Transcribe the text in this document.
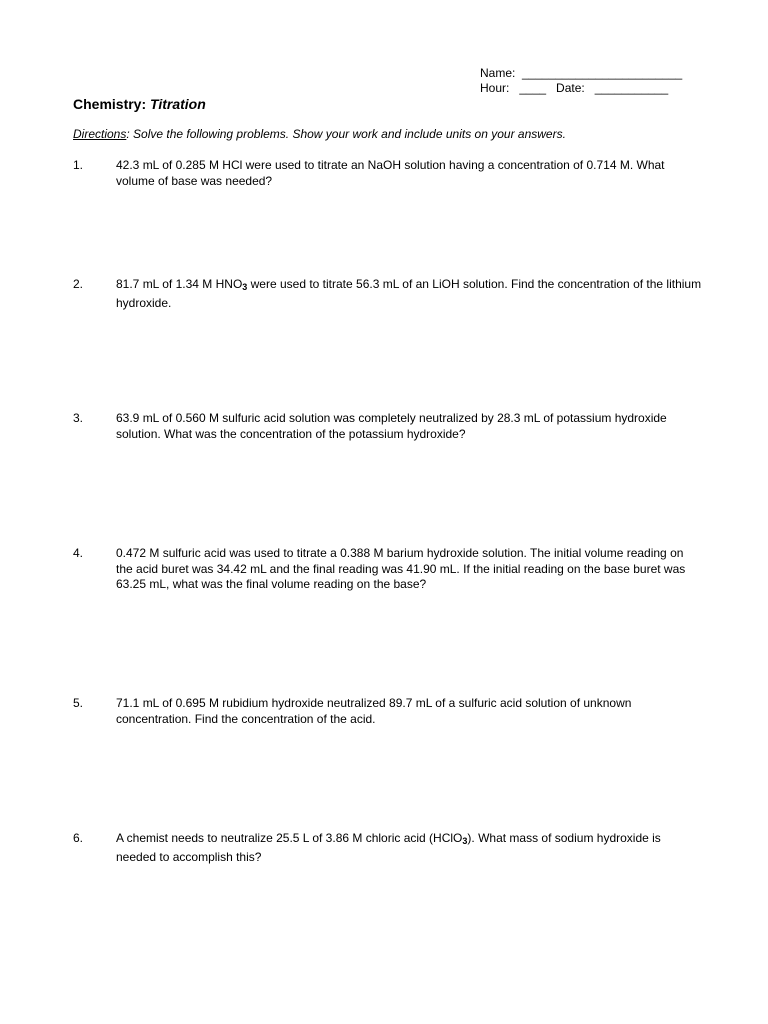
Name:  ________________________
Hour:   ____   Date:   ___________
Chemistry: Titration
Directions: Solve the following problems. Show your work and include units on your answers.
1.	42.3 mL of 0.285 M HCl were used to titrate an NaOH solution having a concentration of 0.714 M. What volume of base was needed?
2.	81.7 mL of 1.34 M HNO3 were used to titrate 56.3 mL of an LiOH solution. Find the concentration of the lithium hydroxide.
3.	63.9 mL of 0.560 M sulfuric acid solution was completely neutralized by 28.3 mL of potassium hydroxide solution. What was the concentration of the potassium hydroxide?
4.	0.472 M sulfuric acid was used to titrate a 0.388 M barium hydroxide solution. The initial volume reading on the acid buret was 34.42 mL and the final reading was 41.90 mL. If the initial reading on the base buret was 63.25 mL, what was the final volume reading on the base?
5.	71.1 mL of 0.695 M rubidium hydroxide neutralized 89.7 mL of a sulfuric acid solution of unknown concentration. Find the concentration of the acid.
6.	A chemist needs to neutralize 25.5 L of 3.86 M chloric acid (HClO3). What mass of sodium hydroxide is needed to accomplish this?
